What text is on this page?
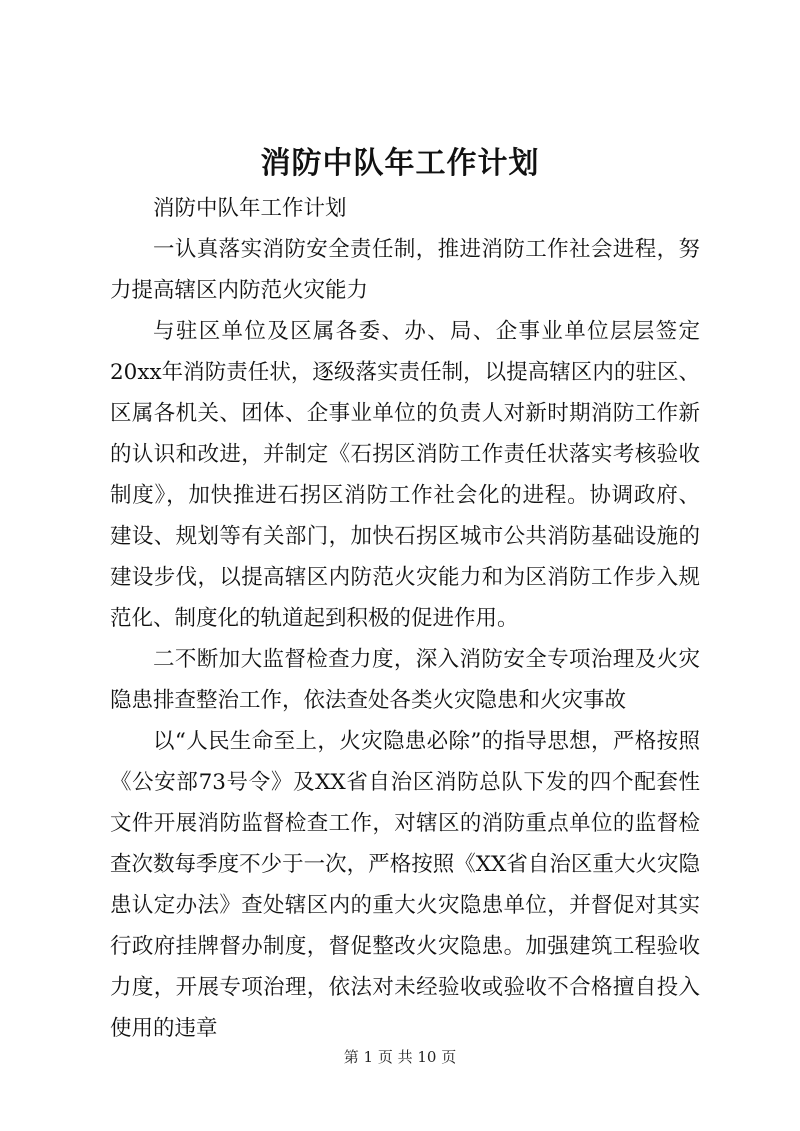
消防中队年工作计划

消防中队年工作计划

一认真落实消防安全责任制，推进消防工作社会进程，努力提高辖区内防范火灾能力

与驻区单位及区属各委、办、局、企事业单位层层签定20xx年消防责任状，逐级落实责任制，以提高辖区内的驻区、区属各机关、团体、企事业单位的负责人对新时期消防工作新的认识和改进，并制定《石拐区消防工作责任状落实考核验收制度》，加快推进石拐区消防工作社会化的进程。协调政府、建设、规划等有关部门，加快石拐区城市公共消防基础设施的建设步伐，以提高辖区内防范火灾能力和为区消防工作步入规范化、制度化的轨道起到积极的促进作用。

二不断加大监督检查力度，深入消防安全专项治理及火灾隐患排查整治工作，依法查处各类火灾隐患和火灾事故

以“人民生命至上，火灾隐患必除”的指导思想，严格按照《公安部73号令》及XX省自治区消防总队下发的四个配套性文件开展消防监督检查工作，对辖区的消防重点单位的监督检查次数每季度不少于一次，严格按照《XX省自治区重大火灾隐患认定办法》查处辖区内的重大火灾隐患单位，并督促对其实行政府挂牌督办制度，督促整改火灾隐患。加强建筑工程验收力度，开展专项治理，依法对未经验收或验收不合格擅自投入使用的违章

第 1 页 共 10 页
